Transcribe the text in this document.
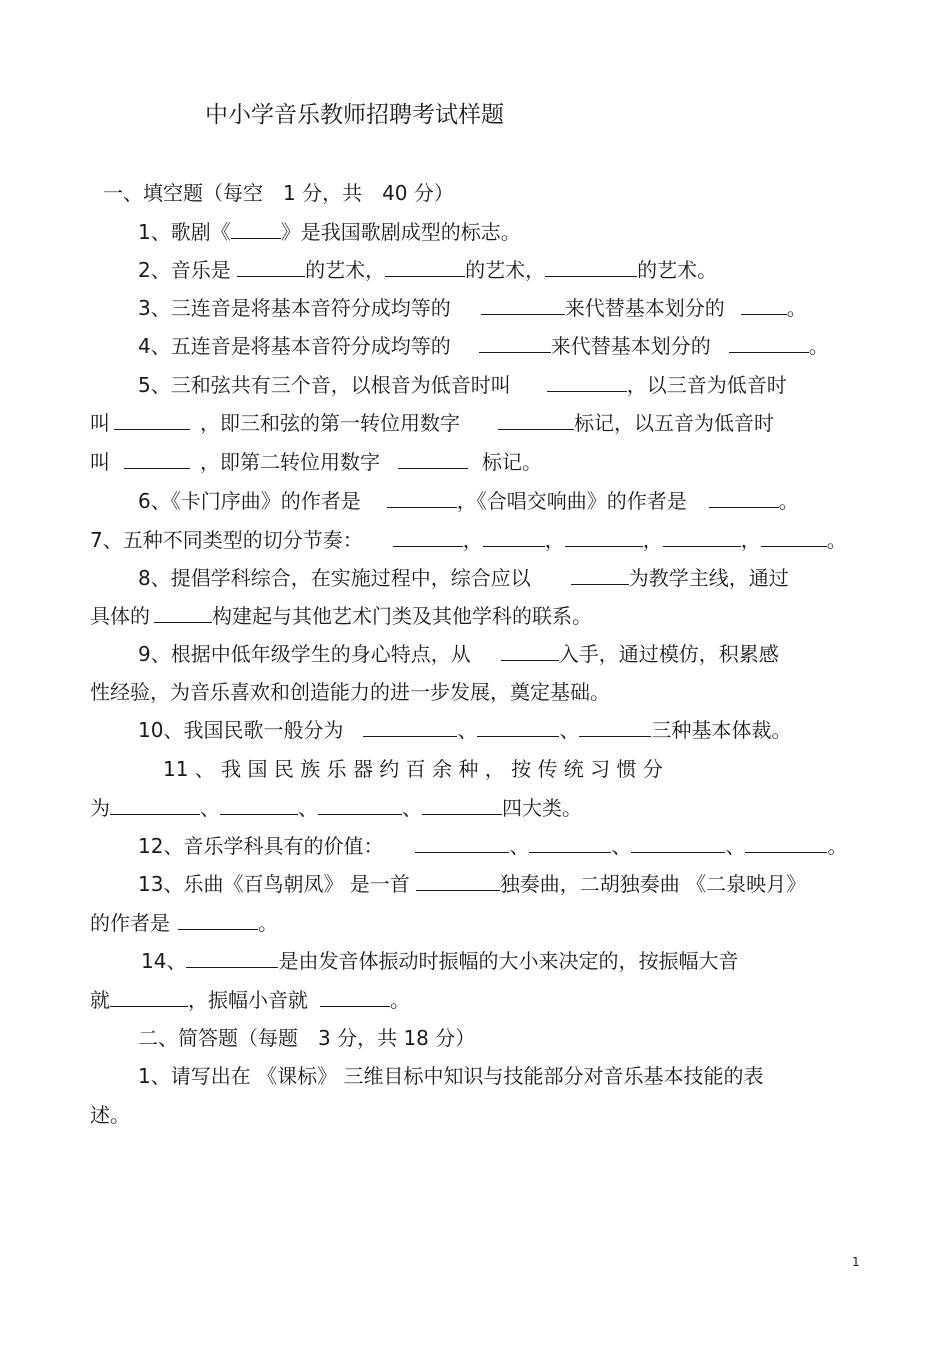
中小学音乐教师招聘考试样题
一、填空题（每空　1 分，共　40 分）
1、歌剧《	》是我国歌剧成型的标志。
2、音乐是	的艺术，	的艺术，	的艺术。
3、三连音是将基本音符分成均等的	来代替基本划分的	。
4、五连音是将基本音符分成均等的	来代替基本划分的	。
5、三和弦共有三个音，以根音为低音时叫	，以三音为低音时
叫	，即三和弦的第一转位用数字	标记，以五音为低音时
叫	，即第二转位用数字	标记。
6、《卡门序曲》的作者是	，《合唱交响曲》的作者是	。
7、五种不同类型的切分节奏：	，	，	，	，	。
8、提倡学科综合，在实施过程中，综合应以	为教学主线，通过
具体的	构建起与其他艺术门类及其他学科的联系。
9、根据中低年级学生的身心特点，从	入手，通过模仿，积累感
性经验，为音乐喜欢和创造能力的进一步发展，奠定基础。
10、我国民歌一般分为	、	、	三种基本体裁。
11 、 我 国 民 族 乐 器 约 百 余 种 ， 按 传 统 习 惯 分
为	、	、	、	四大类。
12、音乐学科具有的价值：	、	、	、	。
13、乐曲《百鸟朝凤》 是一首	独奏曲，二胡独奏曲 《二泉映月》
的作者是	。
14、	是由发音体振动时振幅的大小来决定的，按振幅大音
就	，振幅小音就	。
二、简答题（每题　3 分，共 18 分）
1、请写出在 《课标》 三维目标中知识与技能部分对音乐基本技能的表
述。
1
